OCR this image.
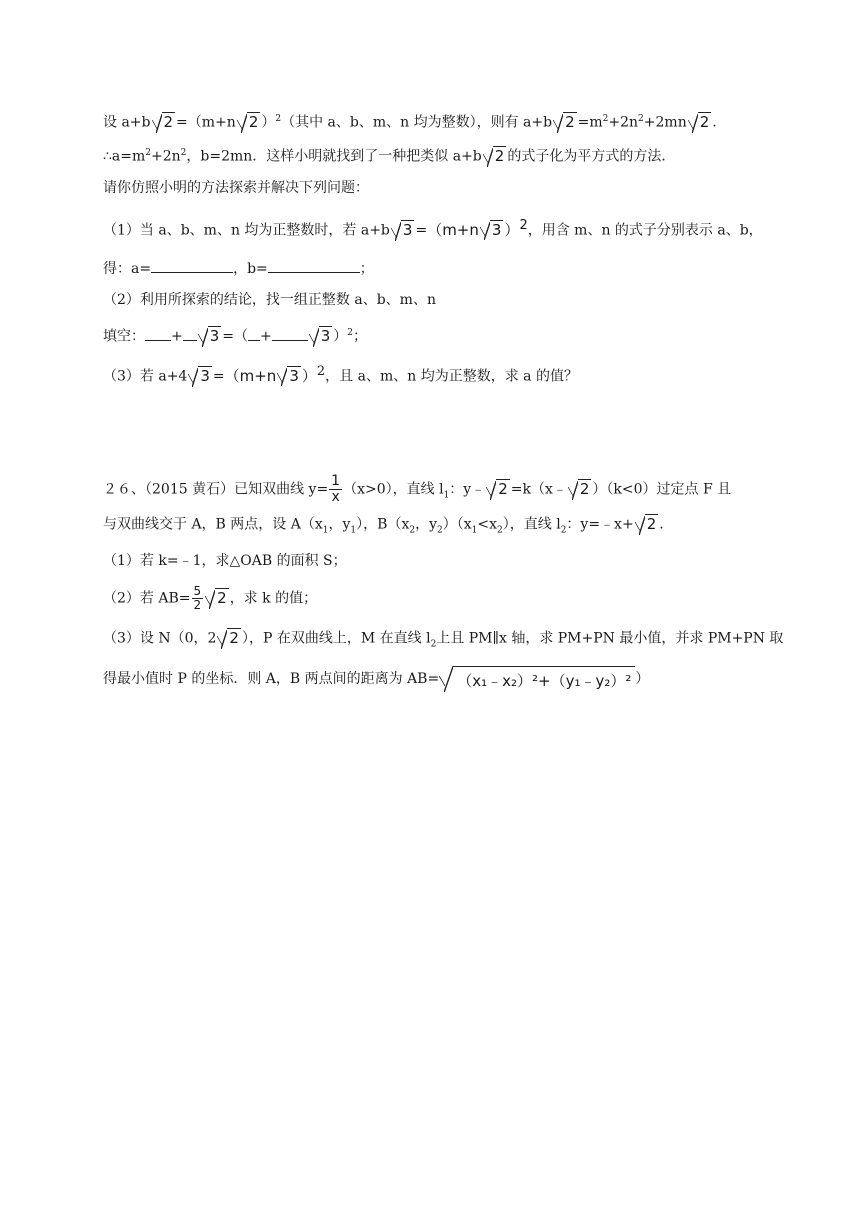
设 a+b 2 =（m+n 2 ）$^2$（其中 a、b、m、n 均为整数），则有 a+b $2 =m^2+2n^2+2mn$ 2 .
$\therefore a=m^2+2n^2$，b=2mn．这样小明就找到了一种把类似 a+b 2 的式子化为平方式的方法．
请你仿照小明的方法探索并解决下列问题：
（1）当 a、b、m、n 均为正整数时，若 a+b 3 =（m+n 3 ）$^2$，用含 m、n 的式子分别表示 a、b，
得：a=	，b=	；
（2）利用所探索的结论，找一组正整数 a、b、m、n
填空： + 3 =（ +	3 ）$^2$；
（3）若 a+4 3 =（m+n 3 ）$^2$，且 a、m、n 均为正整数，求 a 的值？
２６、（2015 黄石）已知双曲线 $y= \frac{1}{x} (x>0)$，直线 $l_1$：y﹣ 2 =k（x﹣ 2 ）（k<0）过定点 F 且
与双曲线交于 A，B 两点，设 $A(x_1$，$y_1$），$B(x_2$，$y_2)(x_1<x_2)$，直线 $l_2$：y=﹣x+ 2 .
（1）若 k=﹣1，求△OAB 的面积 S；
（2）若 $AB= \frac{5}{2} 2$ ，求 k 的值；
（3）设 N（0，2 2 ），P 在双曲线上，M 在直线 $l_2$上且 PM∥x 轴，求 PM+PN 最小值，并求 PM+PN 取
得最小值时 P 的坐标．则 A，B 两点间的距离为 AB= （x₁﹣x₂）²+（y₁﹣y₂）² ）
